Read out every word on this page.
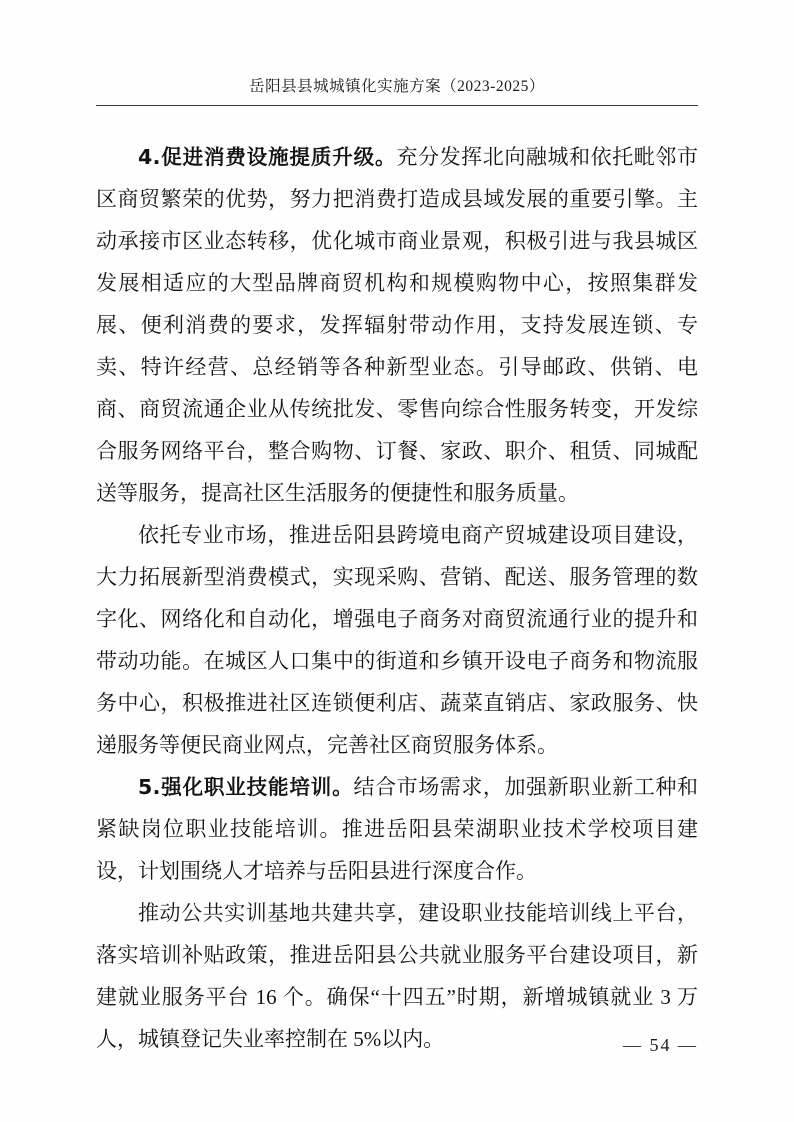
岳阳县县城城镇化实施方案（2023-2025）

4.促进消费设施提质升级。充分发挥北向融城和依托毗邻市区商贸繁荣的优势，努力把消费打造成县域发展的重要引擎。主动承接市区业态转移，优化城市商业景观，积极引进与我县城区发展相适应的大型品牌商贸机构和规模购物中心，按照集群发展、便利消费的要求，发挥辐射带动作用，支持发展连锁、专卖、特许经营、总经销等各种新型业态。引导邮政、供销、电商、商贸流通企业从传统批发、零售向综合性服务转变，开发综合服务网络平台，整合购物、订餐、家政、职介、租赁、同城配送等服务，提高社区生活服务的便捷性和服务质量。

依托专业市场，推进岳阳县跨境电商产贸城建设项目建设，大力拓展新型消费模式，实现采购、营销、配送、服务管理的数字化、网络化和自动化，增强电子商务对商贸流通行业的提升和带动功能。在城区人口集中的街道和乡镇开设电子商务和物流服务中心，积极推进社区连锁便利店、蔬菜直销店、家政服务、快递服务等便民商业网点，完善社区商贸服务体系。

5.强化职业技能培训。结合市场需求，加强新职业新工种和紧缺岗位职业技能培训。推进岳阳县荣湖职业技术学校项目建设，计划围绕人才培养与岳阳县进行深度合作。

推动公共实训基地共建共享，建设职业技能培训线上平台，落实培训补贴政策，推进岳阳县公共就业服务平台建设项目，新建就业服务平台 16 个。确保“十四五”时期，新增城镇就业 3 万人，城镇登记失业率控制在 5%以内。	— 54 —
